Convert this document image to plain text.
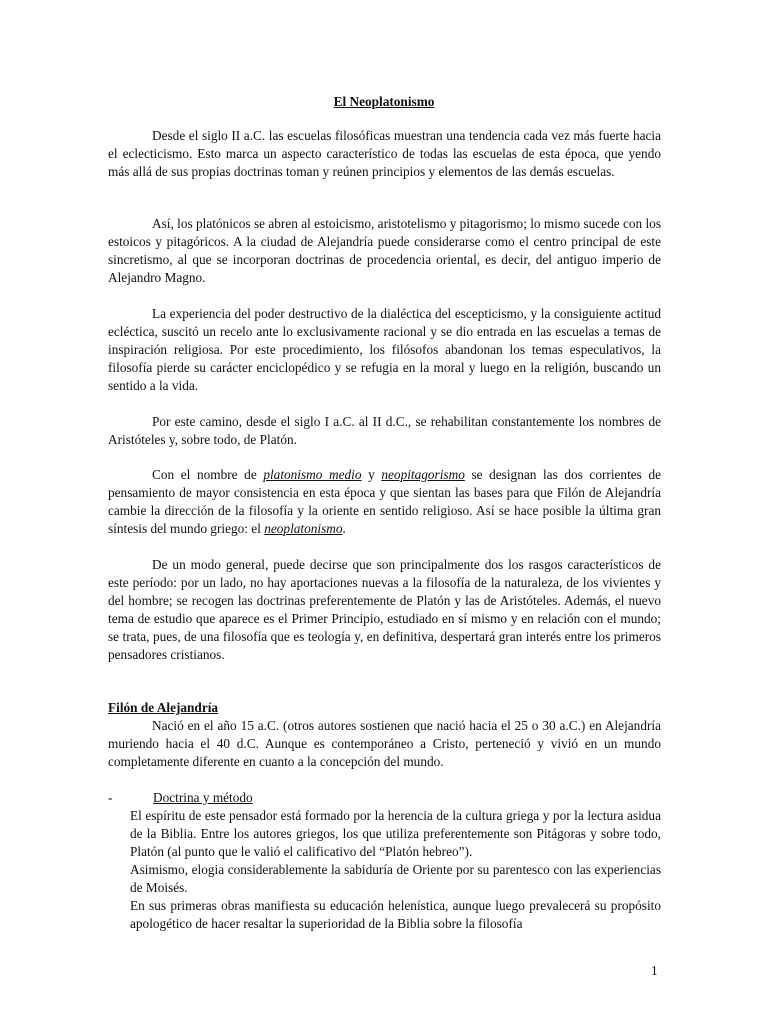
El Neoplatonismo

Desde el siglo II a.C. las escuelas filosóficas muestran una tendencia cada vez más fuerte hacia el eclecticismo. Esto marca un aspecto característico de todas las escuelas de esta época, que yendo más allá de sus propias doctrinas toman y reúnen principios y elementos de las demás escuelas.

Así, los platónicos se abren al estoicismo, aristotelismo y pitagorismo; lo mismo sucede con los estoicos y pitagóricos. A la ciudad de Alejandría puede considerarse como el centro principal de este sincretismo, al que se incorporan doctrinas de procedencia oriental, es decir, del antiguo imperio de Alejandro Magno.

La experiencia del poder destructivo de la dialéctica del escepticismo, y la consiguiente actitud ecléctica, suscitó un recelo ante lo exclusivamente racional y se dio entrada en las escuelas a temas de inspiración religiosa. Por este procedimiento, los filósofos abandonan los temas especulativos, la filosofía pierde su carácter enciclopédico y se refugia en la moral y luego en la religión, buscando un sentido a la vida.

Por este camino, desde el siglo I a.C. al II d.C., se rehabilitan constantemente los nombres de Aristóteles y, sobre todo, de Platón.

Con el nombre de platonismo medio y neopitagorismo se designan las dos corrientes de pensamiento de mayor consistencia en esta época y que sientan las bases para que Filón de Alejandría cambie la dirección de la filosofía y la oriente en sentido religioso. Así se hace posible la última gran síntesis del mundo griego: el neoplatonismo.

De un modo general, puede decirse que son principalmente dos los rasgos característicos de este período: por un lado, no hay aportaciones nuevas a la filosofía de la naturaleza, de los vivientes y del hombre; se recogen las doctrinas preferentemente de Platón y las de Aristóteles. Además, el nuevo tema de estudio que aparece es el Primer Principio, estudiado en sí mismo y en relación con el mundo; se trata, pues, de una filosofía que es teología y, en definitiva, despertará gran interés entre los primeros pensadores cristianos.

Filón de Alejandría

Nació en el año 15 a.C. (otros autores sostienen que nació hacia el 25 o 30 a.C.) en Alejandría muriendo hacia el 40 d.C. Aunque es contemporáneo a Cristo, perteneció y vivió en un mundo completamente diferente en cuanto a la concepción del mundo.

-	Doctrina y método

El espíritu de este pensador está formado por la herencia de la cultura griega y por la lectura asidua de la Biblia. Entre los autores griegos, los que utiliza preferentemente son Pitágoras y sobre todo, Platón (al punto que le valió el calificativo del “Platón hebreo”).

Asimismo, elogia considerablemente la sabiduría de Oriente por su parentesco con las experiencias de Moisés.

En sus primeras obras manifiesta su educación helenística, aunque luego prevalecerá su propósito apologético de hacer resaltar la superioridad de la Biblia sobre la filosofía

1
